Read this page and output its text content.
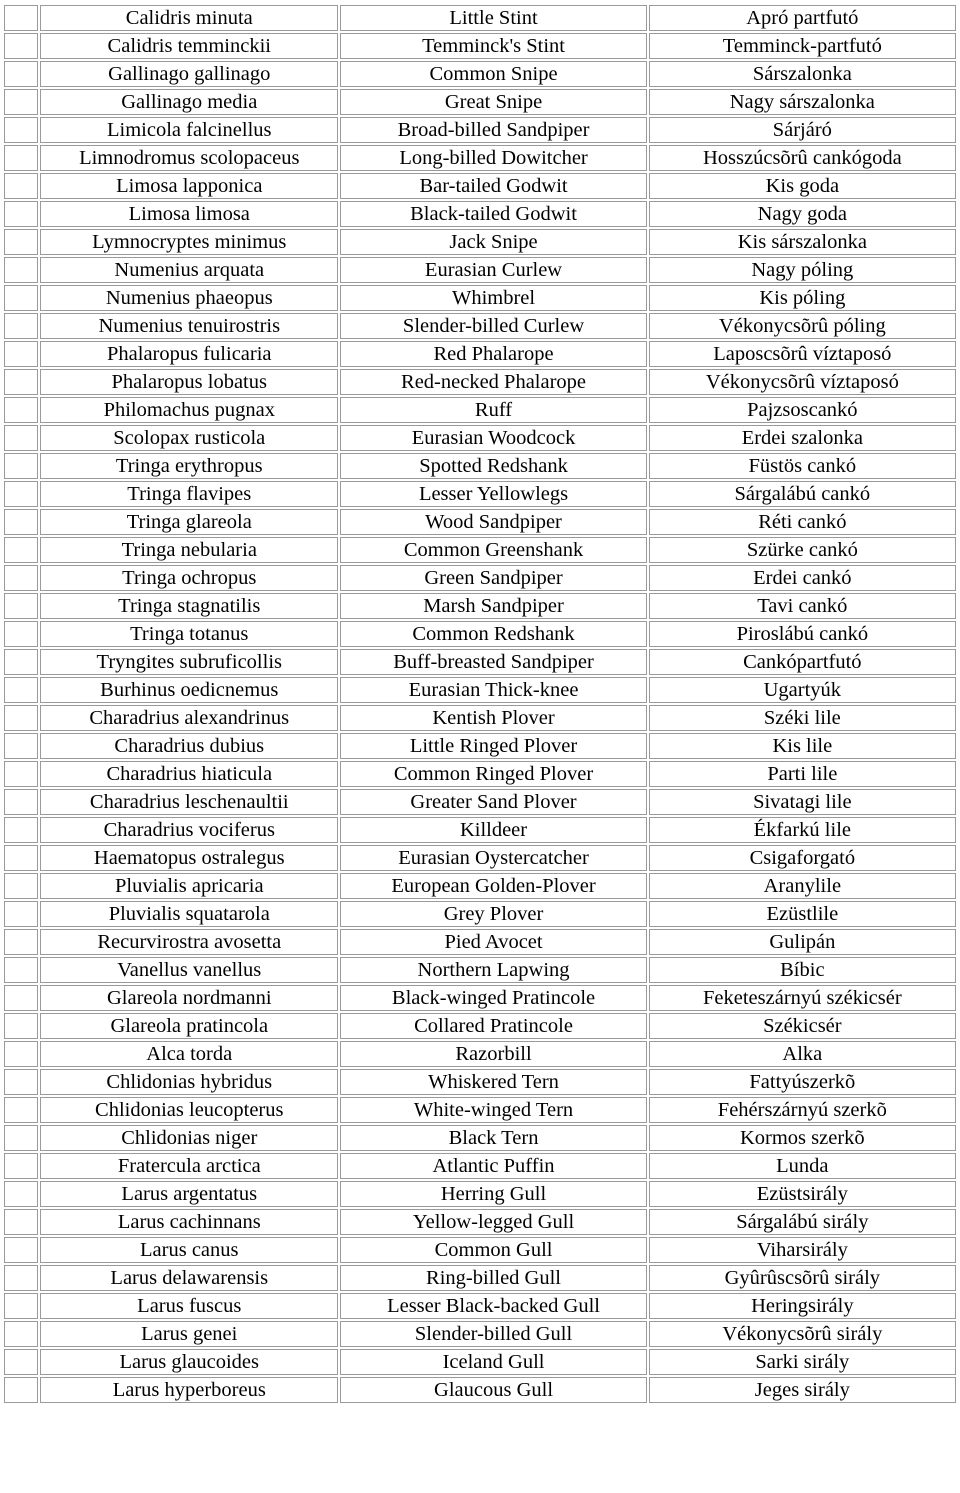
	Calidris minuta	Little Stint	Apró partfutó
	Calidris temminckii	Temminck's Stint	Temminck-partfutó
	Gallinago gallinago	Common Snipe	Sárszalonka
	Gallinago media	Great Snipe	Nagy sárszalonka
	Limicola falcinellus	Broad-billed Sandpiper	Sárjáró
	Limnodromus scolopaceus	Long-billed Dowitcher	Hosszúcsõrû cankógoda
	Limosa lapponica	Bar-tailed Godwit	Kis goda
	Limosa limosa	Black-tailed Godwit	Nagy goda
	Lymnocryptes minimus	Jack Snipe	Kis sárszalonka
	Numenius arquata	Eurasian Curlew	Nagy póling
	Numenius phaeopus	Whimbrel	Kis póling
	Numenius tenuirostris	Slender-billed Curlew	Vékonycsõrû póling
	Phalaropus fulicaria	Red Phalarope	Laposcsõrû víztaposó
	Phalaropus lobatus	Red-necked Phalarope	Vékonycsõrû víztaposó
	Philomachus pugnax	Ruff	Pajzsoscankó
	Scolopax rusticola	Eurasian Woodcock	Erdei szalonka
	Tringa erythropus	Spotted Redshank	Füstös cankó
	Tringa flavipes	Lesser Yellowlegs	Sárgalábú cankó
	Tringa glareola	Wood Sandpiper	Réti cankó
	Tringa nebularia	Common Greenshank	Szürke cankó
	Tringa ochropus	Green Sandpiper	Erdei cankó
	Tringa stagnatilis	Marsh Sandpiper	Tavi cankó
	Tringa totanus	Common Redshank	Piroslábú cankó
	Tryngites subruficollis	Buff-breasted Sandpiper	Cankópartfutó
	Burhinus oedicnemus	Eurasian Thick-knee	Ugartyúk
	Charadrius alexandrinus	Kentish Plover	Széki lile
	Charadrius dubius	Little Ringed Plover	Kis lile
	Charadrius hiaticula	Common Ringed Plover	Parti lile
	Charadrius leschenaultii	Greater Sand Plover	Sivatagi lile
	Charadrius vociferus	Killdeer	Ékfarkú lile
	Haematopus ostralegus	Eurasian Oystercatcher	Csigaforgató
	Pluvialis apricaria	European Golden-Plover	Aranylile
	Pluvialis squatarola	Grey Plover	Ezüstlile
	Recurvirostra avosetta	Pied Avocet	Gulipán
	Vanellus vanellus	Northern Lapwing	Bíbic
	Glareola nordmanni	Black-winged Pratincole	Feketeszárnyú székicsér
	Glareola pratincola	Collared Pratincole	Székicsér
	Alca torda	Razorbill	Alka
	Chlidonias hybridus	Whiskered Tern	Fattyúszerkõ
	Chlidonias leucopterus	White-winged Tern	Fehérszárnyú szerkõ
	Chlidonias niger	Black Tern	Kormos szerkõ
	Fratercula arctica	Atlantic Puffin	Lunda
	Larus argentatus	Herring Gull	Ezüstsirály
	Larus cachinnans	Yellow-legged Gull	Sárgalábú sirály
	Larus canus	Common Gull	Viharsirály
	Larus delawarensis	Ring-billed Gull	Gyûrûscsõrû sirály
	Larus fuscus	Lesser Black-backed Gull	Heringsirály
	Larus genei	Slender-billed Gull	Vékonycsõrû sirály
	Larus glaucoides	Iceland Gull	Sarki sirály
	Larus hyperboreus	Glaucous Gull	Jeges sirály
